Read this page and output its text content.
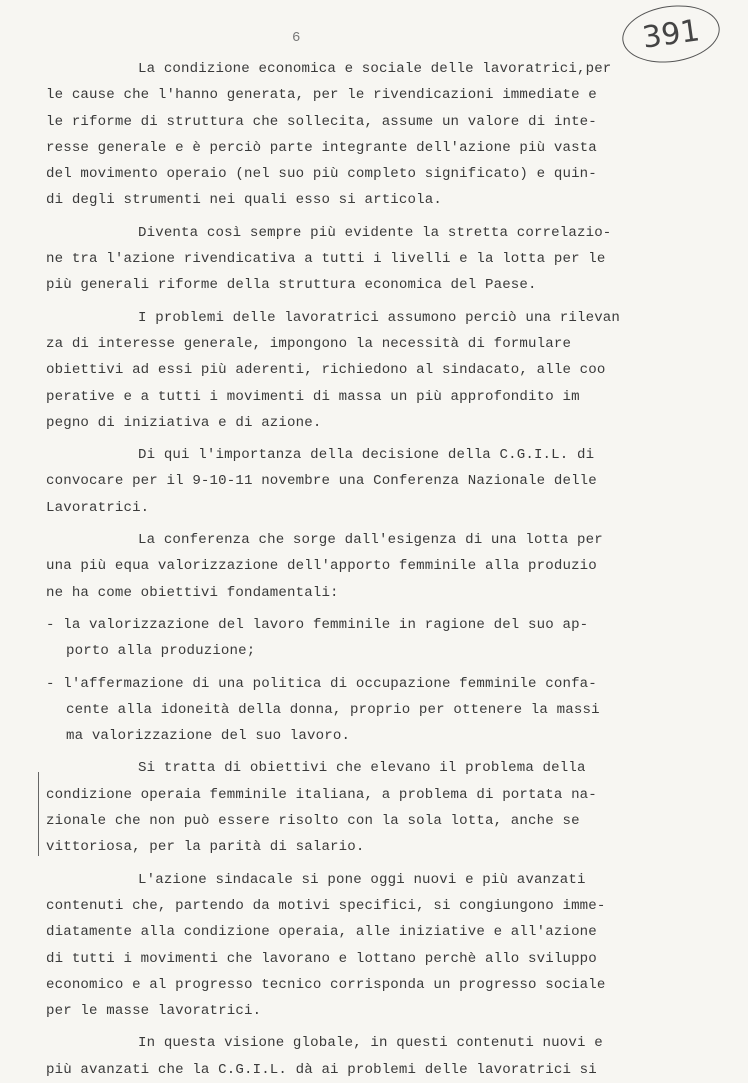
6	391
La condizione economica e sociale delle lavoratrici,per
le cause che l'hanno generata, per le rivendicazioni immediate e
le riforme di struttura che sollecita, assume un valore di inte-
resse generale e è perciò parte integrante dell'azione più vasta
del movimento operaio (nel suo più completo significato) e quin-
di degli strumenti nei quali esso si articola.
Diventa così sempre più evidente la stretta correlazio-
ne tra l'azione rivendicativa a tutti i livelli e la lotta per le
più generali riforme della struttura economica del Paese.
I problemi delle lavoratrici assumono perciò una rilevan
za di interesse generale, impongono la necessità di formulare
obiettivi ad essi più aderenti, richiedono al sindacato, alle coo
perative e a tutti i movimenti di massa un più approfondito im
pegno di iniziativa e di azione.
Di qui l'importanza della decisione della C.G.I.L. di
convocare per il 9-10-11 novembre una Conferenza Nazionale delle
Lavoratrici.
La conferenza che sorge dall'esigenza di una lotta per
una più equa valorizzazione dell'apporto femminile alla produzio
ne ha come obiettivi fondamentali:
- la valorizzazione del lavoro femminile in ragione del suo ap-
porto alla produzione;
- l'affermazione di una politica di occupazione femminile confa-
cente alla idoneità della donna, proprio per ottenere la massi
ma valorizzazione del suo lavoro.
Si tratta di obiettivi che elevano il problema della
condizione operaia femminile italiana, a problema di portata na-
zionale che non può essere risolto con la sola lotta, anche se
vittoriosa, per la parità di salario.
L'azione sindacale si pone oggi nuovi e più avanzati
contenuti che, partendo da motivi specifici, si congiungono imme-
diatamente alla condizione operaia, alle iniziative e all'azione
di tutti i movimenti che lavorano e lottano perchè allo sviluppo
economico e al progresso tecnico corrisponda un progresso sociale
per le masse lavoratrici.
In questa visione globale, in questi contenuti nuovi e
più avanzati che la C.G.I.L. dà ai problemi delle lavoratrici si
